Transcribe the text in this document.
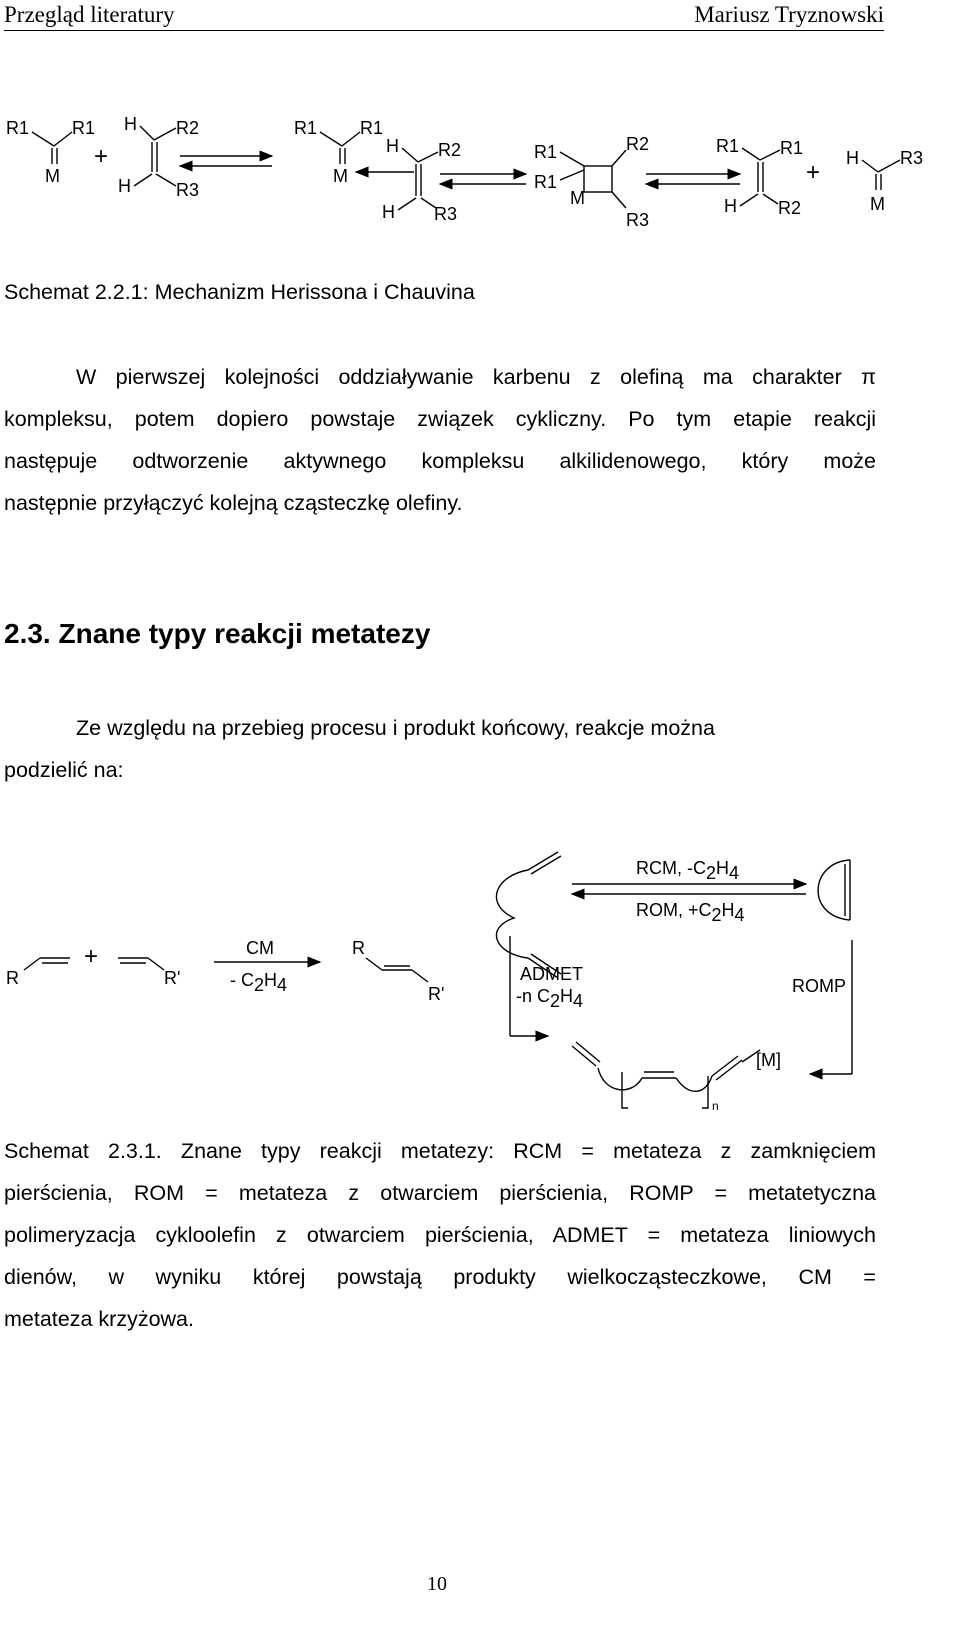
Przegląd literatury	Mariusz Tryznowski
R1 R1
M
+
H R2
H	R3
R1 R1
M
H R2
H R3
R1
R1
M
R2
R3
R1 R1
H R2
+
H R3
M
Schemat 2.2.1: Mechanizm Herissona i Chauvina
W pierwszej kolejności oddziaływanie karbenu z olefiną ma charakter π
kompleksu, potem dopiero powstaje związek cykliczny. Po tym etapie reakcji
następuje odtworzenie aktywnego kompleksu alkilidenowego, który może
następnie przyłączyć kolejną cząsteczkę olefiny.
2.3. Znane typy reakcji metatezy
Ze względu na przebieg procesu i produkt końcowy, reakcje można
podzielić na:
RCM, -C2H4
ROM, +C2H4
R
+
R'
CM
- C2H4
R
R'
ADMET
-n C2H4
ROMP
[M]
n
Schemat 2.3.1. Znane typy reakcji metatezy: RCM = metateza z zamknięciem
pierścienia, ROM = metateza z otwarciem pierścienia, ROMP = metatetyczna
polimeryzacja cykloolefin z otwarciem pierścienia, ADMET = metateza liniowych
dienów, w wyniku której powstają produkty wielkocząsteczkowe, CM =
metateza krzyżowa.
10
